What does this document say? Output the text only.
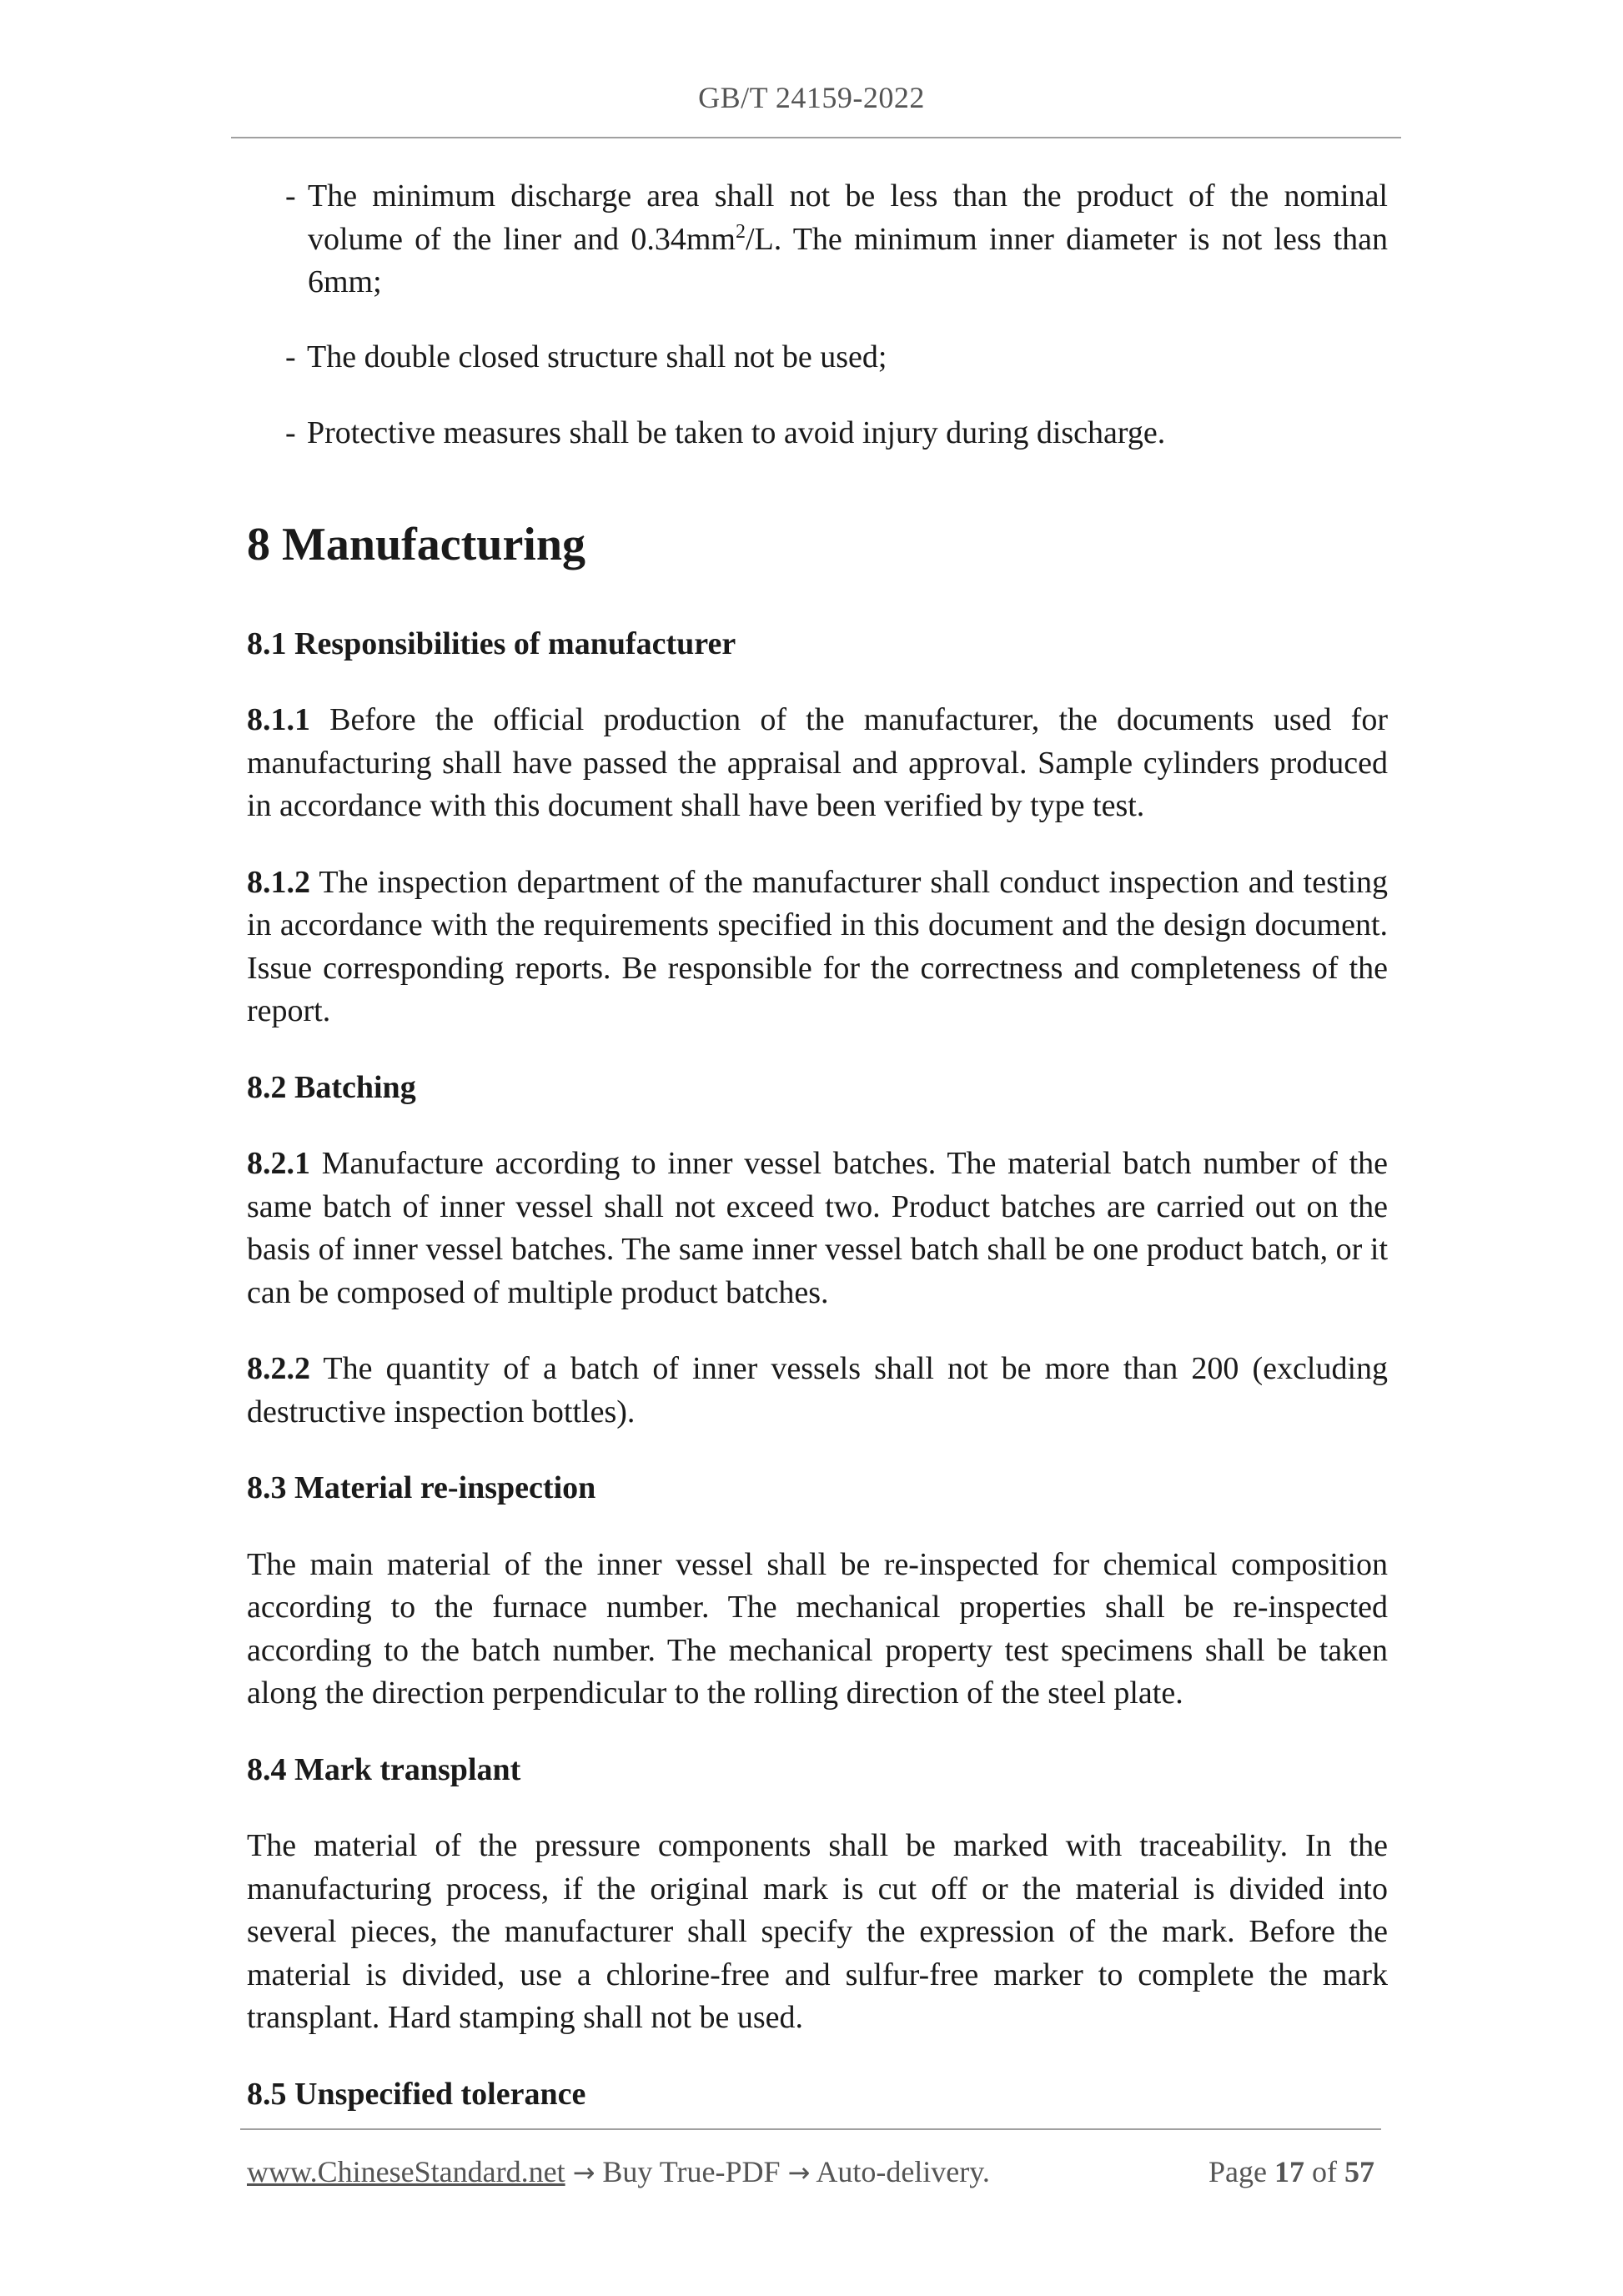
GB/T 24159-2022
- The minimum discharge area shall not be less than the product of the nominal volume of the liner and $0.34mm^2/L$. The minimum inner diameter is not less than 6mm;
- The double closed structure shall not be used;
- Protective measures shall be taken to avoid injury during discharge.
8 Manufacturing
8.1 Responsibilities of manufacturer

8.1.1 Before the official production of the manufacturer, the documents used for manufacturing shall have passed the appraisal and approval. Sample cylinders produced in accordance with this document shall have been verified by type test.

8.1.2 The inspection department of the manufacturer shall conduct inspection and testing in accordance with the requirements specified in this document and the design document. Issue corresponding reports. Be responsible for the correctness and completeness of the report.

8.2 Batching

8.2.1 Manufacture according to inner vessel batches. The material batch number of the same batch of inner vessel shall not exceed two. Product batches are carried out on the basis of inner vessel batches. The same inner vessel batch shall be one product batch, or it can be composed of multiple product batches.

8.2.2 The quantity of a batch of inner vessels shall not be more than 200 (excluding destructive inspection bottles).

8.3 Material re-inspection

The main material of the inner vessel shall be re-inspected for chemical composition according to the furnace number. The mechanical properties shall be re-inspected according to the batch number. The mechanical property test specimens shall be taken along the direction perpendicular to the rolling direction of the steel plate.

8.4 Mark transplant

The material of the pressure components shall be marked with traceability. In the manufacturing process, if the original mark is cut off or the material is divided into several pieces, the manufacturer shall specify the expression of the mark. Before the material is divided, use a chlorine-free and sulfur-free marker to complete the mark transplant. Hard stamping shall not be used.

8.5 Unspecified tolerance
www.ChineseStandard.net → Buy True-PDF → Auto-delivery.	Page 17 of 57
